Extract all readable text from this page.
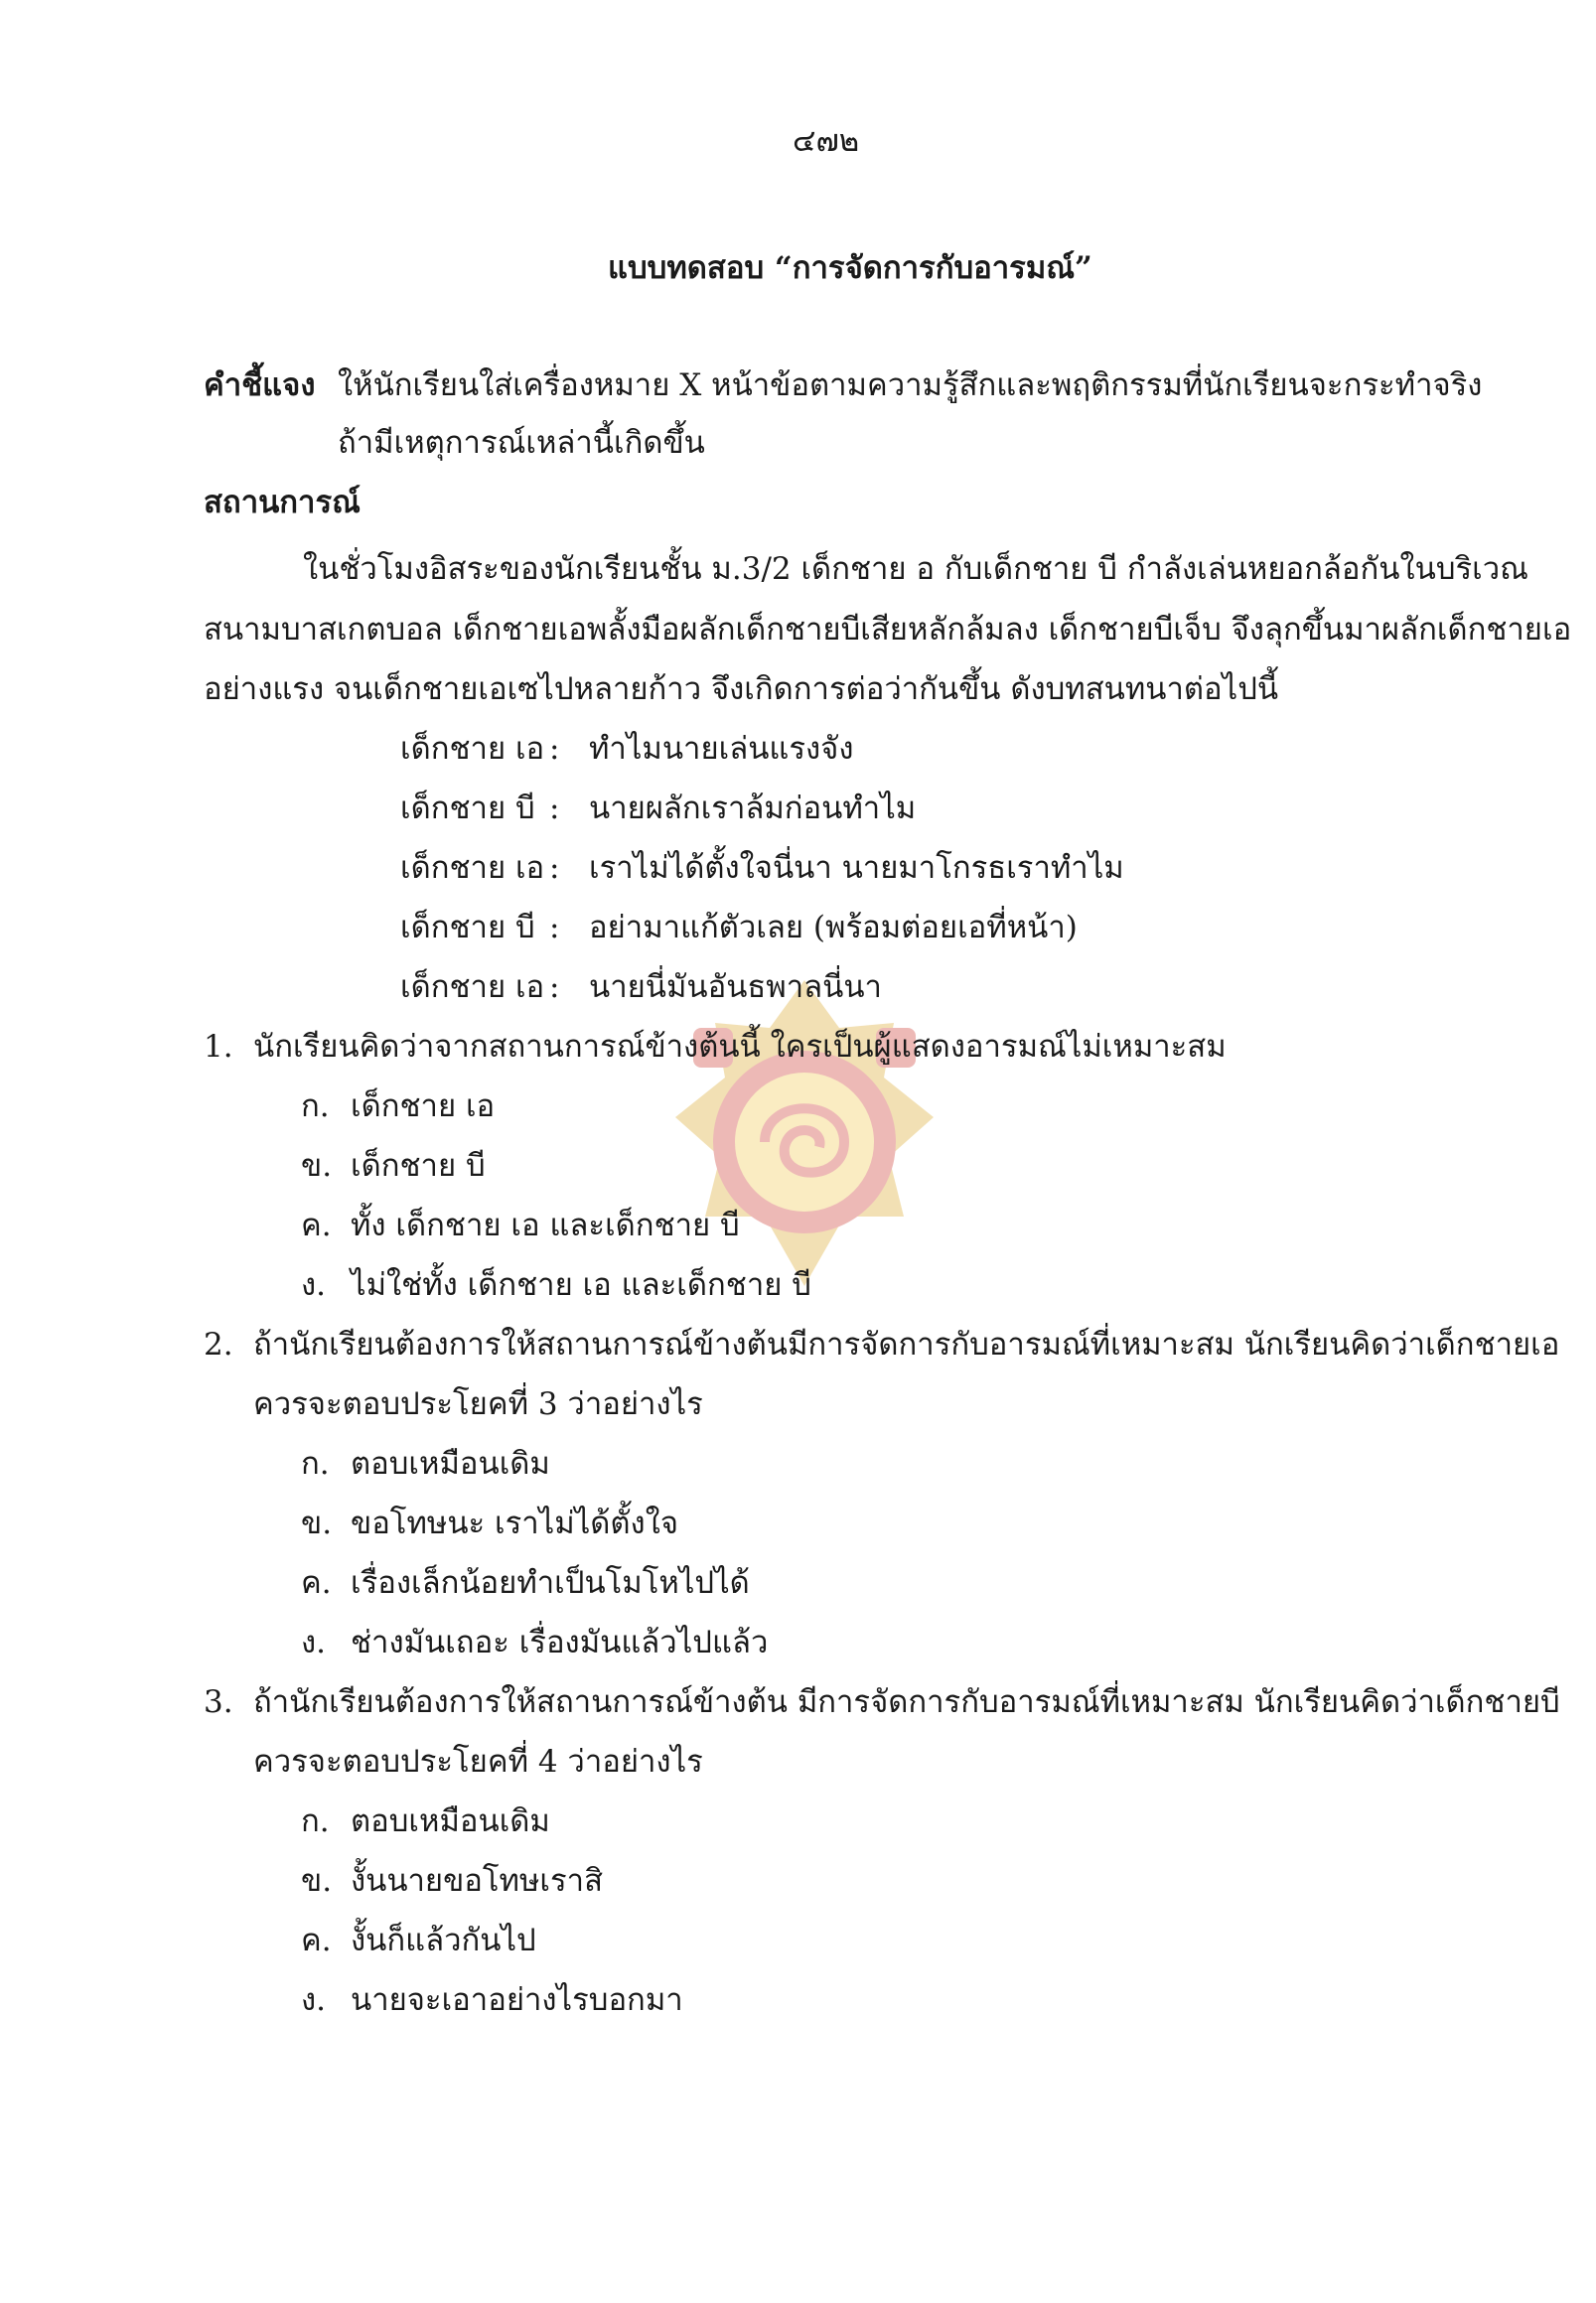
๔๗๒
แบบทดสอบ “การจัดการกับอารมณ์”
คำชี้แจง ให้นักเรียนใส่เครื่องหมาย X หน้าข้อตามความรู้สึกและพฤติกรรมที่นักเรียนจะกระทำจริง
ถ้ามีเหตุการณ์เหล่านี้เกิดขึ้น
สถานการณ์
ในชั่วโมงอิสระของนักเรียนชั้น ม.3/2 เด็กชาย อ กับเด็กชาย บี กำลังเล่นหยอกล้อกันในบริเวณ
สนามบาสเกตบอล เด็กชายเอพลั้งมือผลักเด็กชายบีเสียหลักล้มลง เด็กชายบีเจ็บ จึงลุกขึ้นมาผลักเด็กชายเอ
อย่างแรง จนเด็กชายเอเซไปหลายก้าว จึงเกิดการต่อว่ากันขึ้น ดังบทสนทนาต่อไปนี้
เด็กชาย เอ : ทำไมนายเล่นแรงจัง
เด็กชาย บี : นายผลักเราล้มก่อนทำไม
เด็กชาย เอ : เราไม่ได้ตั้งใจนี่นา นายมาโกรธเราทำไม
เด็กชาย บี : อย่ามาแก้ตัวเลย (พร้อมต่อยเอที่หน้า)
เด็กชาย เอ : นายนี่มันอันธพาลนี่นา
1. นักเรียนคิดว่าจากสถานการณ์ข้างต้นนี้ ใครเป็นผู้แสดงอารมณ์ไม่เหมาะสม
ก. เด็กชาย เอ
ข. เด็กชาย บี
ค. ทั้ง เด็กชาย เอ และเด็กชาย บี
ง. ไม่ใช่ทั้ง เด็กชาย เอ และเด็กชาย บี
2. ถ้านักเรียนต้องการให้สถานการณ์ข้างต้นมีการจัดการกับอารมณ์ที่เหมาะสม นักเรียนคิดว่าเด็กชายเอ
ควรจะตอบประโยคที่ 3 ว่าอย่างไร
ก. ตอบเหมือนเดิม
ข. ขอโทษนะ เราไม่ได้ตั้งใจ
ค. เรื่องเล็กน้อยทำเป็นโมโหไปได้
ง. ช่างมันเถอะ เรื่องมันแล้วไปแล้ว
3. ถ้านักเรียนต้องการให้สถานการณ์ข้างต้น มีการจัดการกับอารมณ์ที่เหมาะสม นักเรียนคิดว่าเด็กชายบี
ควรจะตอบประโยคที่ 4 ว่าอย่างไร
ก. ตอบเหมือนเดิม
ข. งั้นนายขอโทษเราสิ
ค. งั้นก็แล้วกันไป
ง. นายจะเอาอย่างไรบอกมา
